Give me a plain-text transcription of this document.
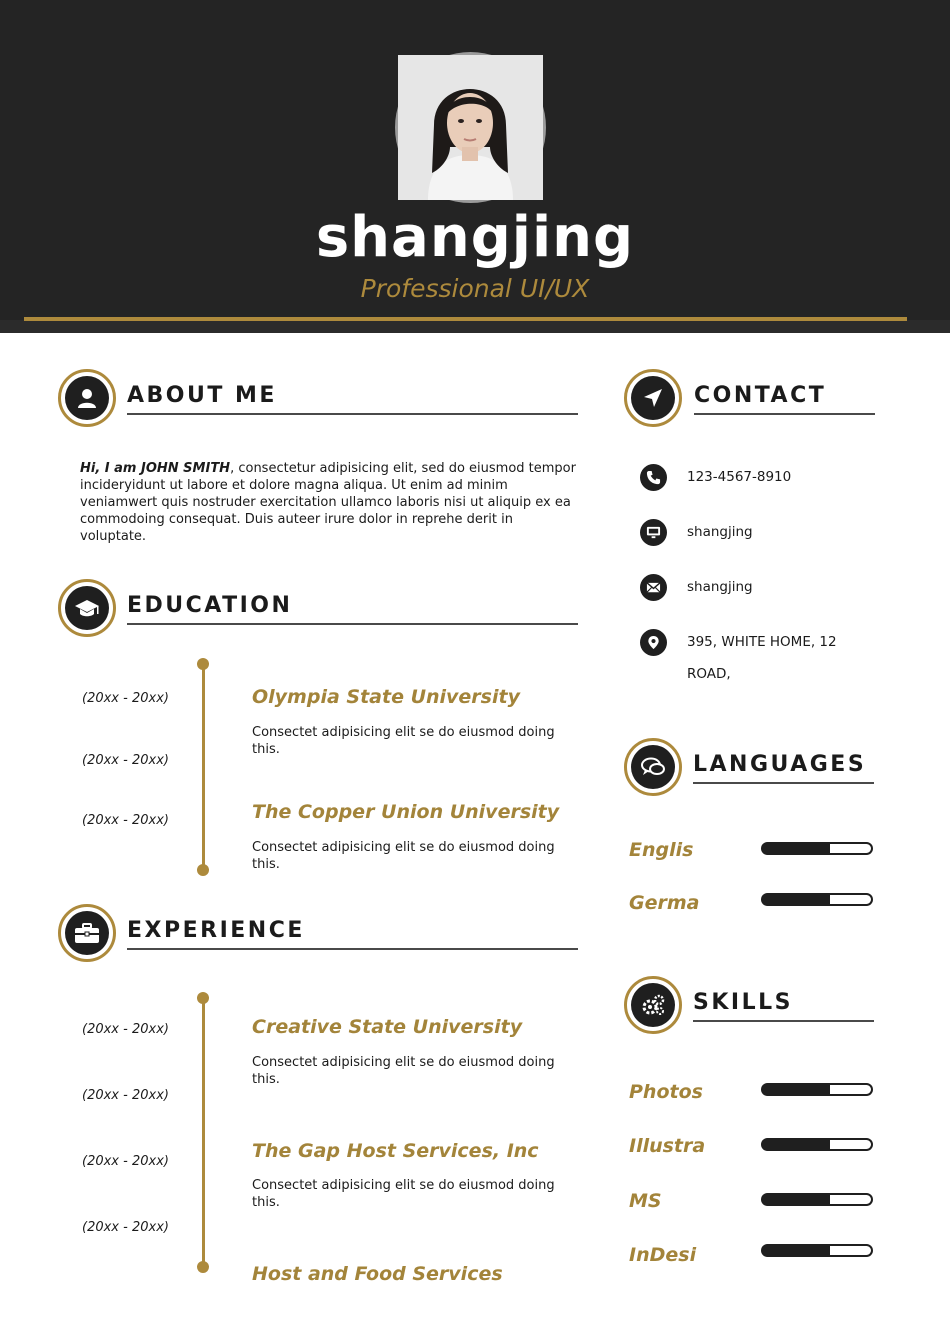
shangjing
Professional UI/UX
ABOUT ME

Hi, I am JOHN SMITH, consectetur adipisicing elit, sed do eiusmod tempor incideryidunt ut labore et dolore magna aliqua. Ut enim ad minim veniamwert quis nostruder exercitation ullamco laboris nisi ut aliquip ex ea commodoing consequat. Duis auteer irure dolor in reprehe derit in voluptate.

EDUCATION
(20xx - 20xx)
(20xx - 20xx)
(20xx - 20xx)
Olympia State University
Consectet adipisicing elit se do eiusmod doing this.
The Copper Union University
Consectet adipisicing elit se do eiusmod doing this.
EXPERIENCE
(20xx - 20xx)
(20xx - 20xx)
(20xx - 20xx)
(20xx - 20xx)
Creative State University
Consectet adipisicing elit se do eiusmod doing this.
The Gap Host Services, Inc
Consectet adipisicing elit se do eiusmod doing this.
Host and Food Services
CONTACT
123-4567-8910
shangjing
shangjing
395, WHITE HOME, 12
ROAD,
LANGUAGES
Englis
Germa
SKILLS
Photos
Illustra
MS
InDesi
